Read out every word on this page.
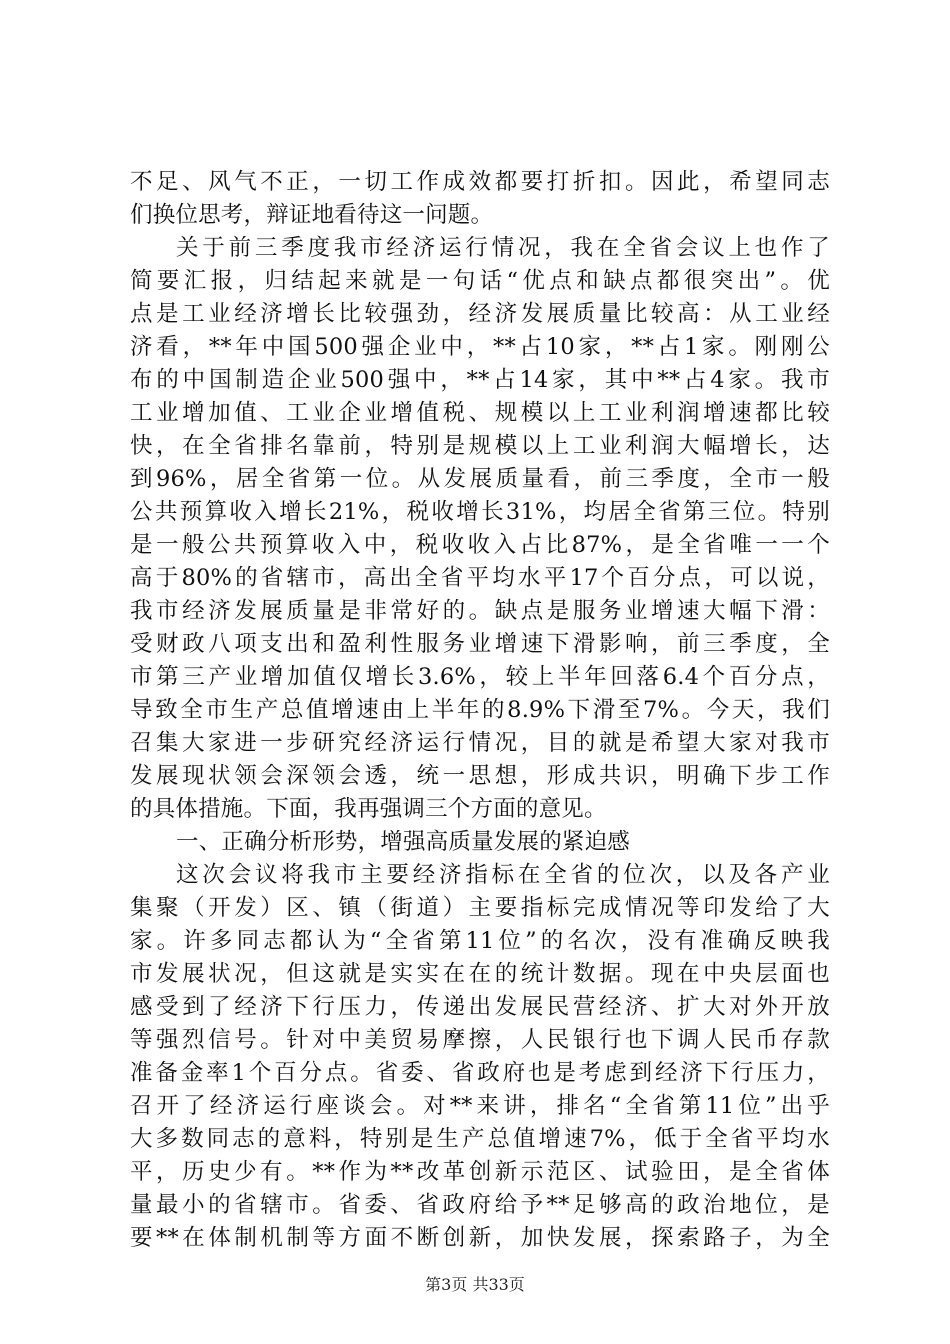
不足、风气不正，一切工作成效都要打折扣。因此，希望同志
们换位思考，辩证地看待这一问题。
关于前三季度我市经济运行情况，我在全省会议上也作了
简要汇报，归结起来就是一句话“优点和缺点都很突出”。优
点是工业经济增长比较强劲，经济发展质量比较高：从工业经
济看，**年中国500强企业中，**占10家，**占1家。刚刚公
布的中国制造企业500强中，**占14家，其中**占4家。我市
工业增加值、工业企业增值税、规模以上工业利润增速都比较
快，在全省排名靠前，特别是规模以上工业利润大幅增长，达
到96%，居全省第一位。从发展质量看，前三季度，全市一般
公共预算收入增长21%，税收增长31%，均居全省第三位。特别
是一般公共预算收入中，税收收入占比87%，是全省唯一一个
高于80%的省辖市，高出全省平均水平17个百分点，可以说，
我市经济发展质量是非常好的。缺点是服务业增速大幅下滑：
受财政八项支出和盈利性服务业增速下滑影响，前三季度，全
市第三产业增加值仅增长3.6%，较上半年回落6.4个百分点，
导致全市生产总值增速由上半年的8.9%下滑至7%。今天，我们
召集大家进一步研究经济运行情况，目的就是希望大家对我市
发展现状领会深领会透，统一思想，形成共识，明确下步工作
的具体措施。下面，我再强调三个方面的意见。
一、正确分析形势，增强高质量发展的紧迫感
这次会议将我市主要经济指标在全省的位次，以及各产业
集聚（开发）区、镇（街道）主要指标完成情况等印发给了大
家。许多同志都认为“全省第11位”的名次，没有准确反映我
市发展状况，但这就是实实在在的统计数据。现在中央层面也
感受到了经济下行压力，传递出发展民营经济、扩大对外开放
等强烈信号。针对中美贸易摩擦，人民银行也下调人民币存款
准备金率1个百分点。省委、省政府也是考虑到经济下行压力，
召开了经济运行座谈会。对**来讲，排名“全省第11位”出乎
大多数同志的意料，特别是生产总值增速7%，低于全省平均水
平，历史少有。**作为**改革创新示范区、试验田，是全省体
量最小的省辖市。省委、省政府给予**足够高的政治地位，是
要**在体制机制等方面不断创新，加快发展，探索路子，为全
第3页 共33页
